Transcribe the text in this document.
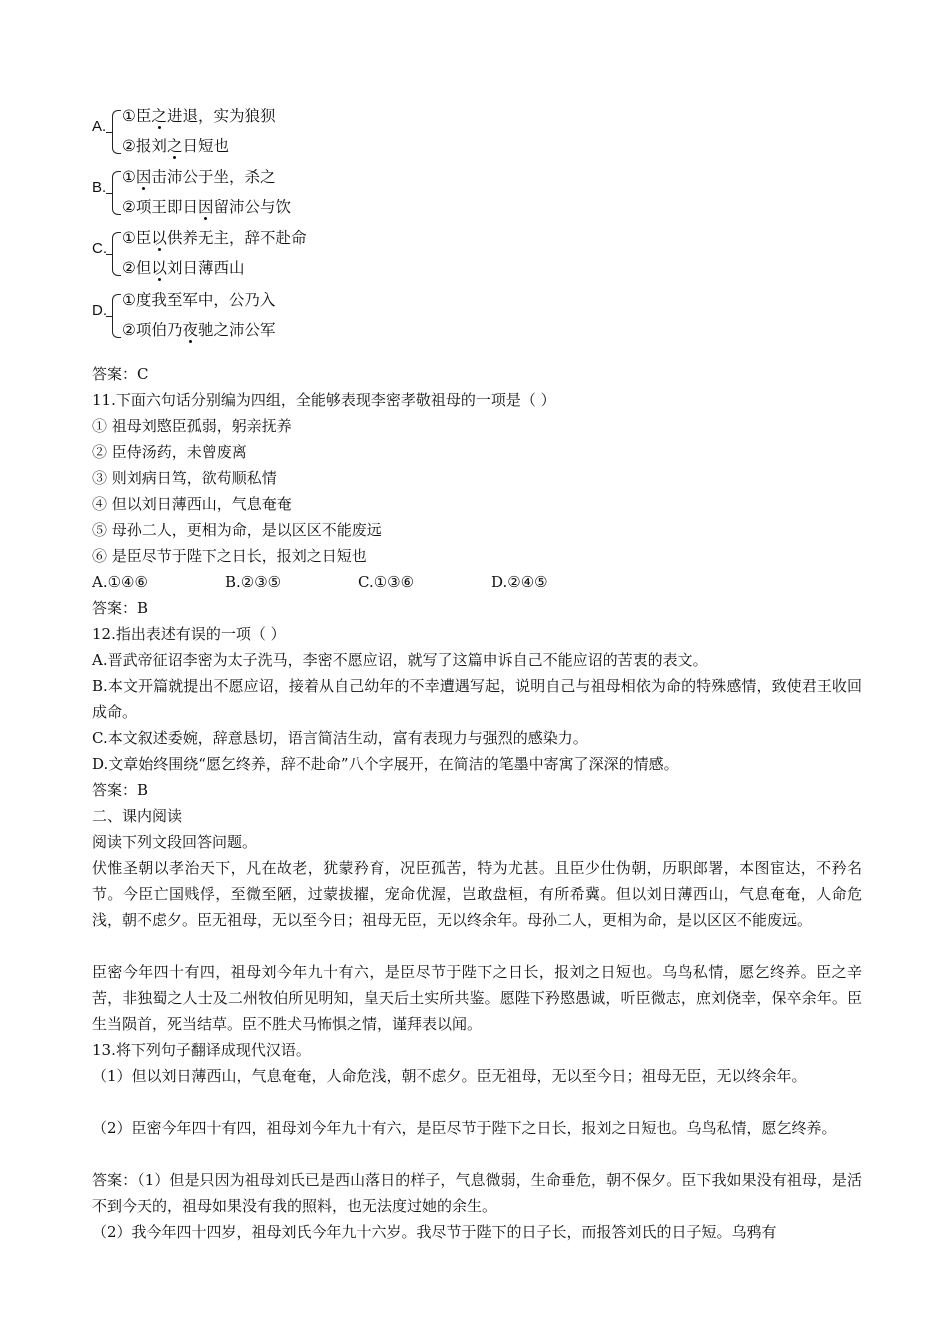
A.
①臣之进退，实为狼狈
②报刘之日短也
B.
①因击沛公于坐，杀之
②项王即日因留沛公与饮
C.
①臣以供养无主，辞不赴命
②但以刘日薄西山
D.
①度我至军中，公乃入
②项伯乃夜驰之沛公军
答案：C
11.下面六句话分别编为四组，全能够表现李密孝敬祖母的一项是（ ）
① 祖母刘愍臣孤弱，躬亲抚养
② 臣侍汤药，未曾废离
③ 则刘病日笃，欲苟顺私情
④ 但以刘日薄西山，气息奄奄
⑤ 母孙二人，更相为命，是以区区不能废远
⑥ 是臣尽节于陛下之日长，报刘之日短也
A.①④⑥	B.②③⑤	C.①③⑥	D.②④⑤
答案：B
12.指出表述有误的一项（ ）
A.晋武帝征诏李密为太子洗马，李密不愿应诏，就写了这篇申诉自己不能应诏的苦衷的表文。
B.本文开篇就提出不愿应诏，接着从自己幼年的不幸遭遇写起，说明自己与祖母相依为命的特殊感情，致使君王收回成命。
C.本文叙述委婉，辞意恳切，语言简洁生动，富有表现力与强烈的感染力。
D.文章始终围绕“愿乞终养，辞不赴命”八个字展开，在简洁的笔墨中寄寓了深深的情感。
答案：B
二、课内阅读
阅读下列文段回答问题。
伏惟圣朝以孝治天下，凡在故老，犹蒙矜育，况臣孤苦，特为尤甚。且臣少仕伪朝，历职郎署，本图宦达，不矜名节。今臣亡国贱俘，至微至陋，过蒙拔擢，宠命优渥，岂敢盘桓，有所希冀。但以刘日薄西山，气息奄奄，人命危浅，朝不虑夕。臣无祖母，无以至今日；祖母无臣，无以终余年。母孙二人，更相为命，是以区区不能废远。
臣密今年四十有四，祖母刘今年九十有六，是臣尽节于陛下之日长，报刘之日短也。乌鸟私情，愿乞终养。臣之辛苦，非独蜀之人士及二州牧伯所见明知，皇天后土实所共鉴。愿陛下矜愍愚诚，听臣微志，庶刘侥幸，保卒余年。臣生当陨首，死当结草。臣不胜犬马怖惧之情，谨拜表以闻。
13.将下列句子翻译成现代汉语。
（1）但以刘日薄西山，气息奄奄，人命危浅，朝不虑夕。臣无祖母，无以至今日；祖母无臣，无以终余年。
（2）臣密今年四十有四，祖母刘今年九十有六，是臣尽节于陛下之日长，报刘之日短也。乌鸟私情，愿乞终养。
答案：（1）但是只因为祖母刘氏已是西山落日的样子，气息微弱，生命垂危，朝不保夕。臣下我如果没有祖母，是活不到今天的，祖母如果没有我的照料，也无法度过她的余生。
（2）我今年四十四岁，祖母刘氏今年九十六岁。我尽节于陛下的日子长，而报答刘氏的日子短。乌鸦有
